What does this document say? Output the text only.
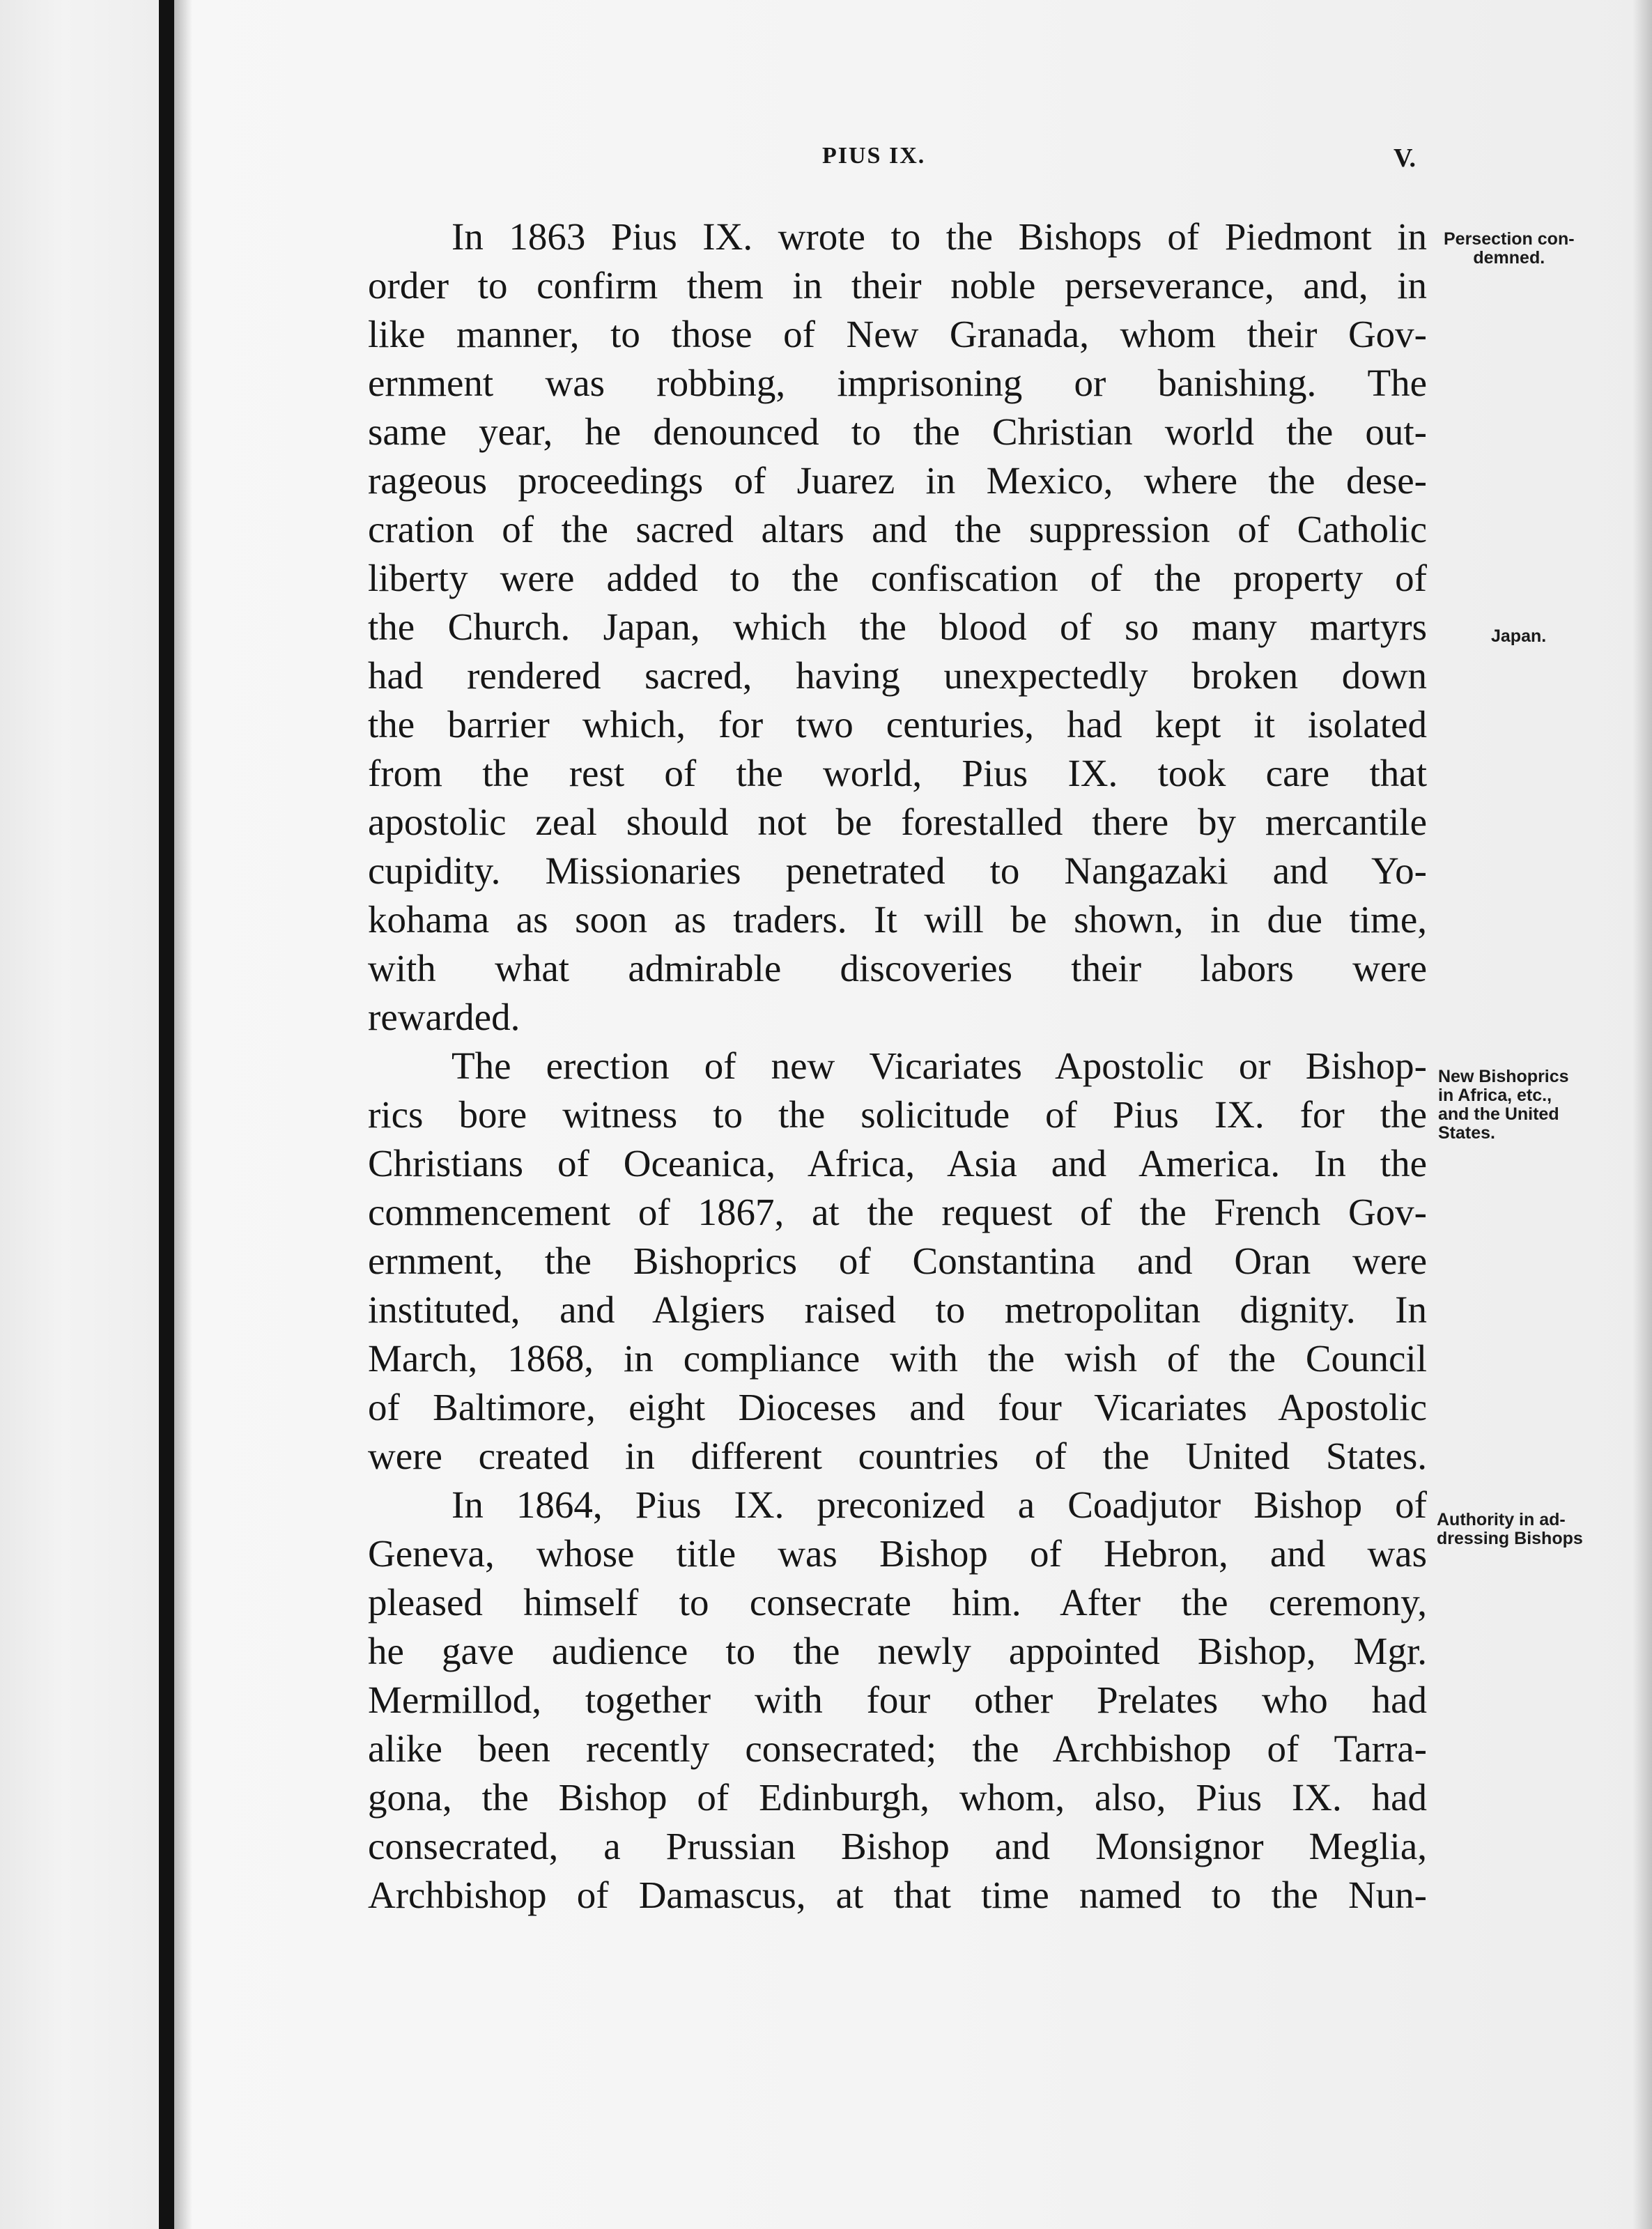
PIUS IX.	V.
In 1863 Pius IX. wrote to the Bishops of Piedmont in
order to confirm them in their noble perseverance, and, in
like manner, to those of New Granada, whom their Gov-
ernment was robbing, imprisoning or banishing. The
same year, he denounced to the Christian world the out-
rageous proceedings of Juarez in Mexico, where the dese-
cration of the sacred altars and the suppression of Catholic
liberty were added to the confiscation of the property of
the Church. Japan, which the blood of so many martyrs
had rendered sacred, having unexpectedly broken down
the barrier which, for two centuries, had kept it isolated
from the rest of the world, Pius IX. took care that
apostolic zeal should not be forestalled there by mercantile
cupidity. Missionaries penetrated to Nangazaki and Yo-
kohama as soon as traders. It will be shown, in due time,
with what admirable discoveries their labors were
rewarded.
The erection of new Vicariates Apostolic or Bishop-
rics bore witness to the solicitude of Pius IX. for the
Christians of Oceanica, Africa, Asia and America. In the
commencement of 1867, at the request of the French Gov-
ernment, the Bishoprics of Constantina and Oran were
instituted, and Algiers raised to metropolitan dignity. In
March, 1868, in compliance with the wish of the Council
of Baltimore, eight Dioceses and four Vicariates Apostolic
were created in different countries of the United States.
In 1864, Pius IX. preconized a Coadjutor Bishop of
Geneva, whose title was Bishop of Hebron, and was
pleased himself to consecrate him. After the ceremony,
he gave audience to the newly appointed Bishop, Mgr.
Mermillod, together with four other Prelates who had
alike been recently consecrated; the Archbishop of Tarra-
gona, the Bishop of Edinburgh, whom, also, Pius IX. had
consecrated, a Prussian Bishop and Monsignor Meglia,
Archbishop of Damascus, at that time named to the Nun-
Persection con-
demned.
Japan.
New Bishoprics
in Africa, etc.,
and the United
States.
Authority in ad-
dressing Bishops
